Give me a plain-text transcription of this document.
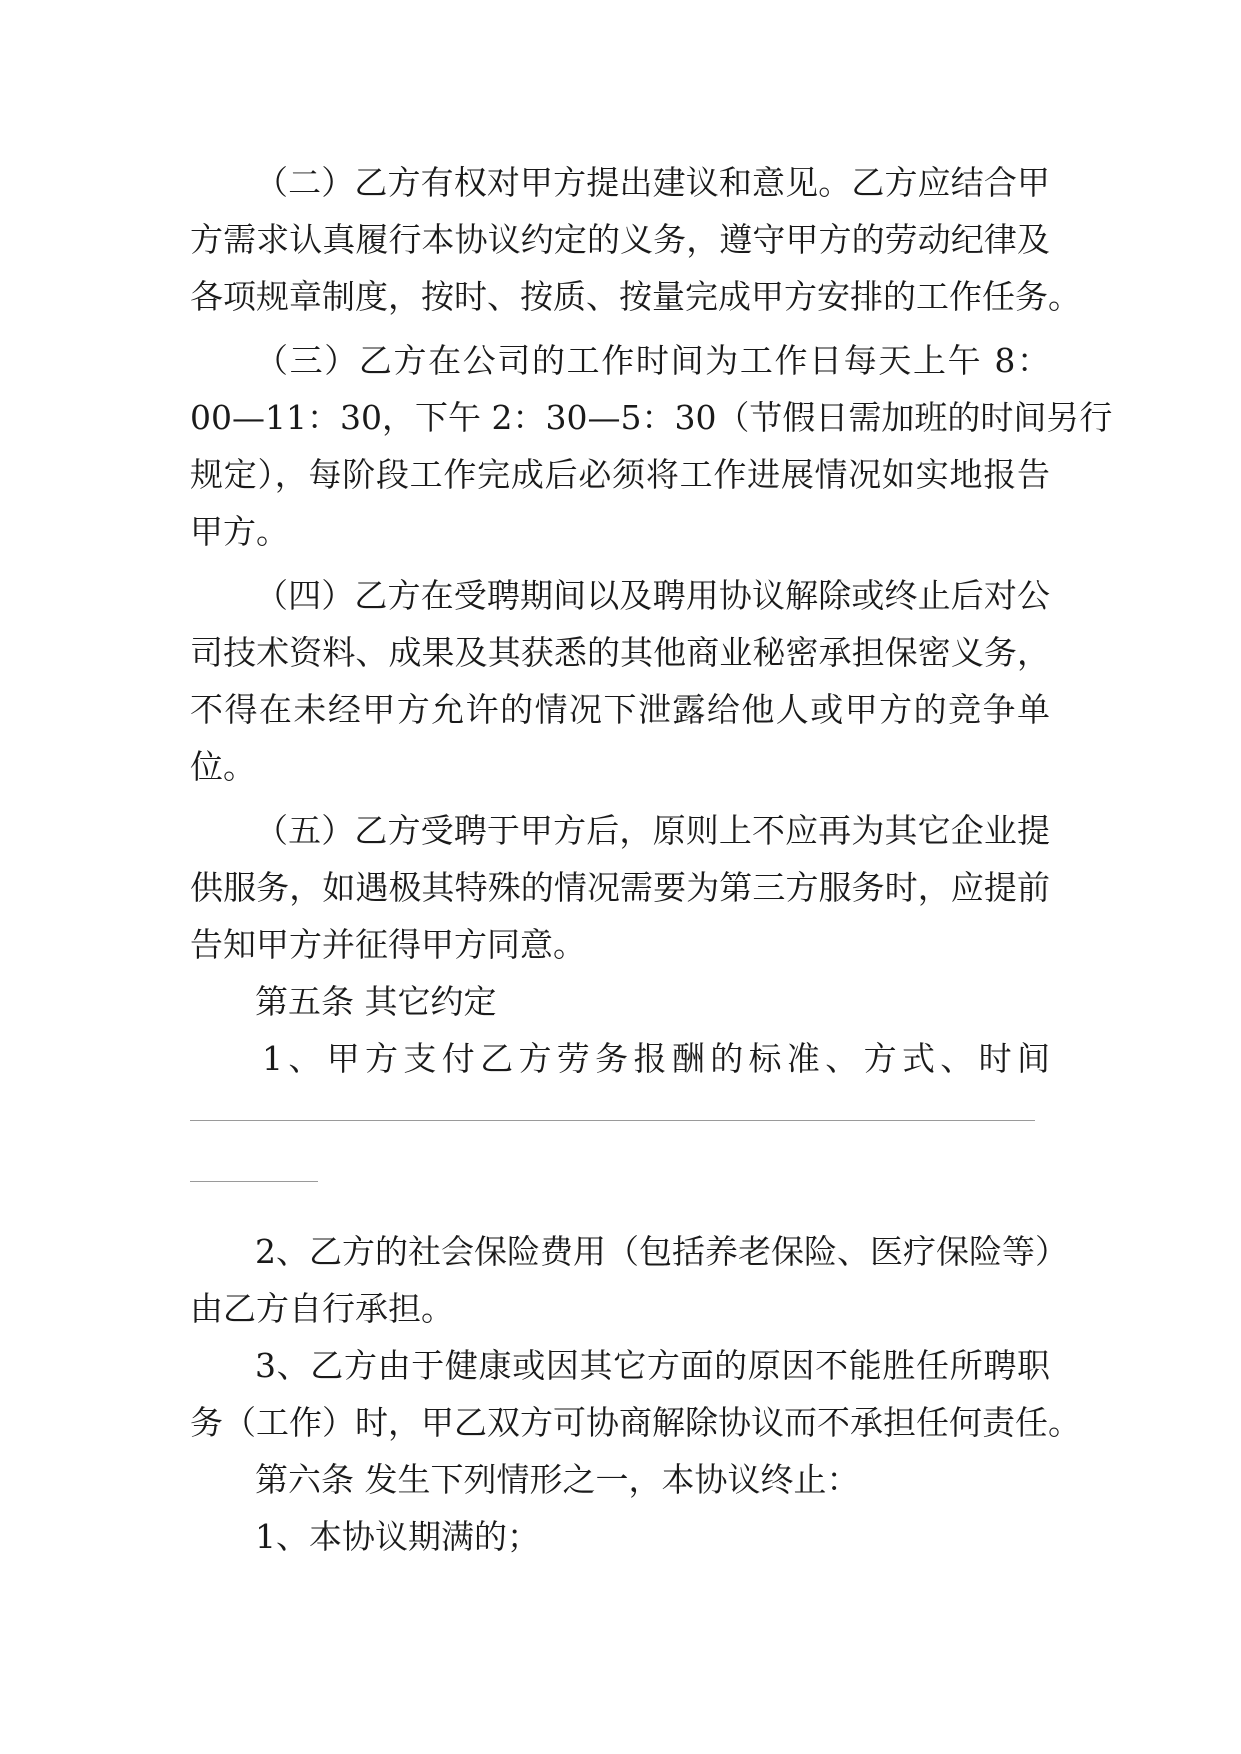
（二）乙方有权对甲方提出建议和意见。乙方应结合甲
方需求认真履行本协议约定的义务，遵守甲方的劳动纪律及
各项规章制度，按时、按质、按量完成甲方安排的工作任务。
（三）乙方在公司的工作时间为工作日每天上午 8：
00—11：30，下午 2：30—5：30（节假日需加班的时间另行
规定），每阶段工作完成后必须将工作进展情况如实地报告
甲方。
（四）乙方在受聘期间以及聘用协议解除或终止后对公
司技术资料、成果及其获悉的其他商业秘密承担保密义务，
不得在未经甲方允许的情况下泄露给他人或甲方的竞争单
位。
（五）乙方受聘于甲方后，原则上不应再为其它企业提
供服务，如遇极其特殊的情况需要为第三方服务时，应提前
告知甲方并征得甲方同意。
第五条 其它约定
1、甲方支付乙方劳务报酬的标准、方式、时间
2、乙方的社会保险费用（包括养老保险、医疗保险等）
由乙方自行承担。
3、乙方由于健康或因其它方面的原因不能胜任所聘职
务（工作）时，甲乙双方可协商解除协议而不承担任何责任。
第六条 发生下列情形之一，本协议终止：
1、本协议期满的；
